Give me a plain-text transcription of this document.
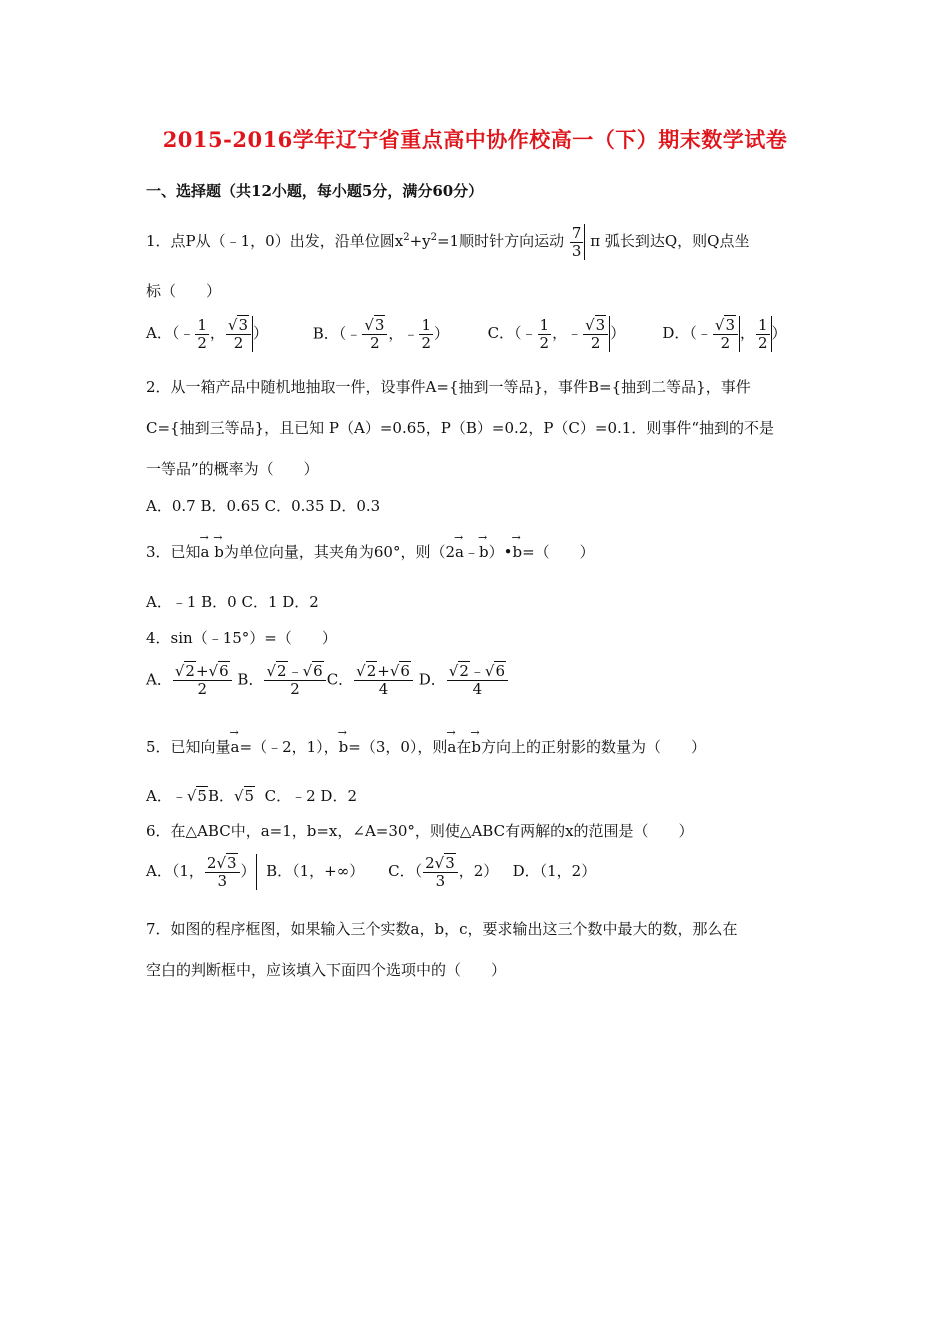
2015-2016学年辽宁省重点高中协作校高一（下）期末数学试卷
一、选择题（共12小题，每小题5分，满分60分）
1．点P从（﹣1，0）出发，沿单位圆$x^2+y^2=1$顺时针方向运动 $\frac{7}{3}$ π 弧长到达Q，则Q点坐
标（　　）
A．（﹣ $\frac{1}{2}$ ， $\frac{√3}{2}$ ）	B．（﹣ $\frac{√3}{2}$ ，﹣ $\frac{1}{2}$ ）	C．（﹣ $\frac{1}{2}$ ，﹣ $\frac{√3}{2}$ ） D．（﹣ $\frac{√3}{2}$ ， $\frac{1}{2}$ ）
2．从一箱产品中随机地抽取一件，设事件A={抽到一等品}，事件B={抽到二等品}，事件
C={抽到三等品}，且已知 P（A）=0.65，P（B）=0.2，P（C）=0.1．则事件“抽到的不是
一等品”的概率为（　　）
A．0.7 B．0.65 C．0.35 D．0.3
3．已知→ a → b为单位向量，其夹角为60°，则（2→ a﹣→ b）•→ b=（　　）
A．﹣1 B．0 C．1 D．2
4．sin（﹣15°）=（　　）
A． $\frac{√2+√6}{2}$ B． $\frac{√2﹣√6}{2}$ C． $\frac{√2+√6}{4}$ D． $\frac{√2﹣√6}{4}$
5．已知向量→ a=（﹣2，1），→ b=（3，0），则→ a在→ b方向上的正射影的数量为（　　）
A．﹣√5B．√5 C．﹣2 D．2
6．在△ABC中，a=1，b=x，∠A=30°，则使△ABC有两解的x的范围是（　　）
A．（1， $\frac{2√3}{3}$ ） B．（1，+∞） C．（ $\frac{2√3}{3}$ ，2） D．（1，2）
7．如图的程序框图，如果输入三个实数a，b，c，要求输出这三个数中最大的数，那么在
空白的判断框中，应该填入下面四个选项中的（　　）
